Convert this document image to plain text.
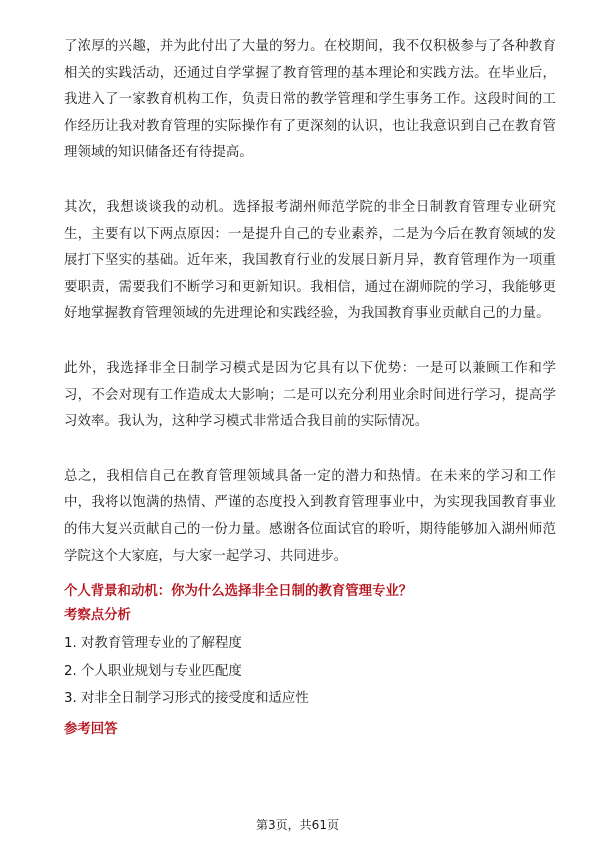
了浓厚的兴趣，并为此付出了大量的努力。在校期间，我不仅积极参与了各种教育相关的实践活动，还通过自学掌握了教育管理的基本理论和实践方法。在毕业后，我进入了一家教育机构工作，负责日常的教学管理和学生事务工作。这段时间的工作经历让我对教育管理的实际操作有了更深刻的认识，也让我意识到自己在教育管理领域的知识储备还有待提高。

其次，我想谈谈我的动机。选择报考湖州师范学院的非全日制教育管理专业研究生，主要有以下两点原因：一是提升自己的专业素养，二是为今后在教育领域的发展打下坚实的基础。近年来，我国教育行业的发展日新月异，教育管理作为一项重要职责，需要我们不断学习和更新知识。我相信，通过在湖师院的学习，我能够更好地掌握教育管理领域的先进理论和实践经验，为我国教育事业贡献自己的力量。

此外，我选择非全日制学习模式是因为它具有以下优势：一是可以兼顾工作和学习，不会对现有工作造成太大影响；二是可以充分利用业余时间进行学习，提高学习效率。我认为，这种学习模式非常适合我目前的实际情况。

总之，我相信自己在教育管理领域具备一定的潜力和热情。在未来的学习和工作中，我将以饱满的热情、严谨的态度投入到教育管理事业中，为实现我国教育事业的伟大复兴贡献自己的一份力量。感谢各位面试官的聆听，期待能够加入湖州师范学院这个大家庭，与大家一起学习、共同进步。

个人背景和动机：你为什么选择非全日制的教育管理专业？
考察点分析
1. 对教育管理专业的了解程度
2. 个人职业规划与专业匹配度
3. 对非全日制学习形式的接受度和适应性
参考回答
第3页，共61页
